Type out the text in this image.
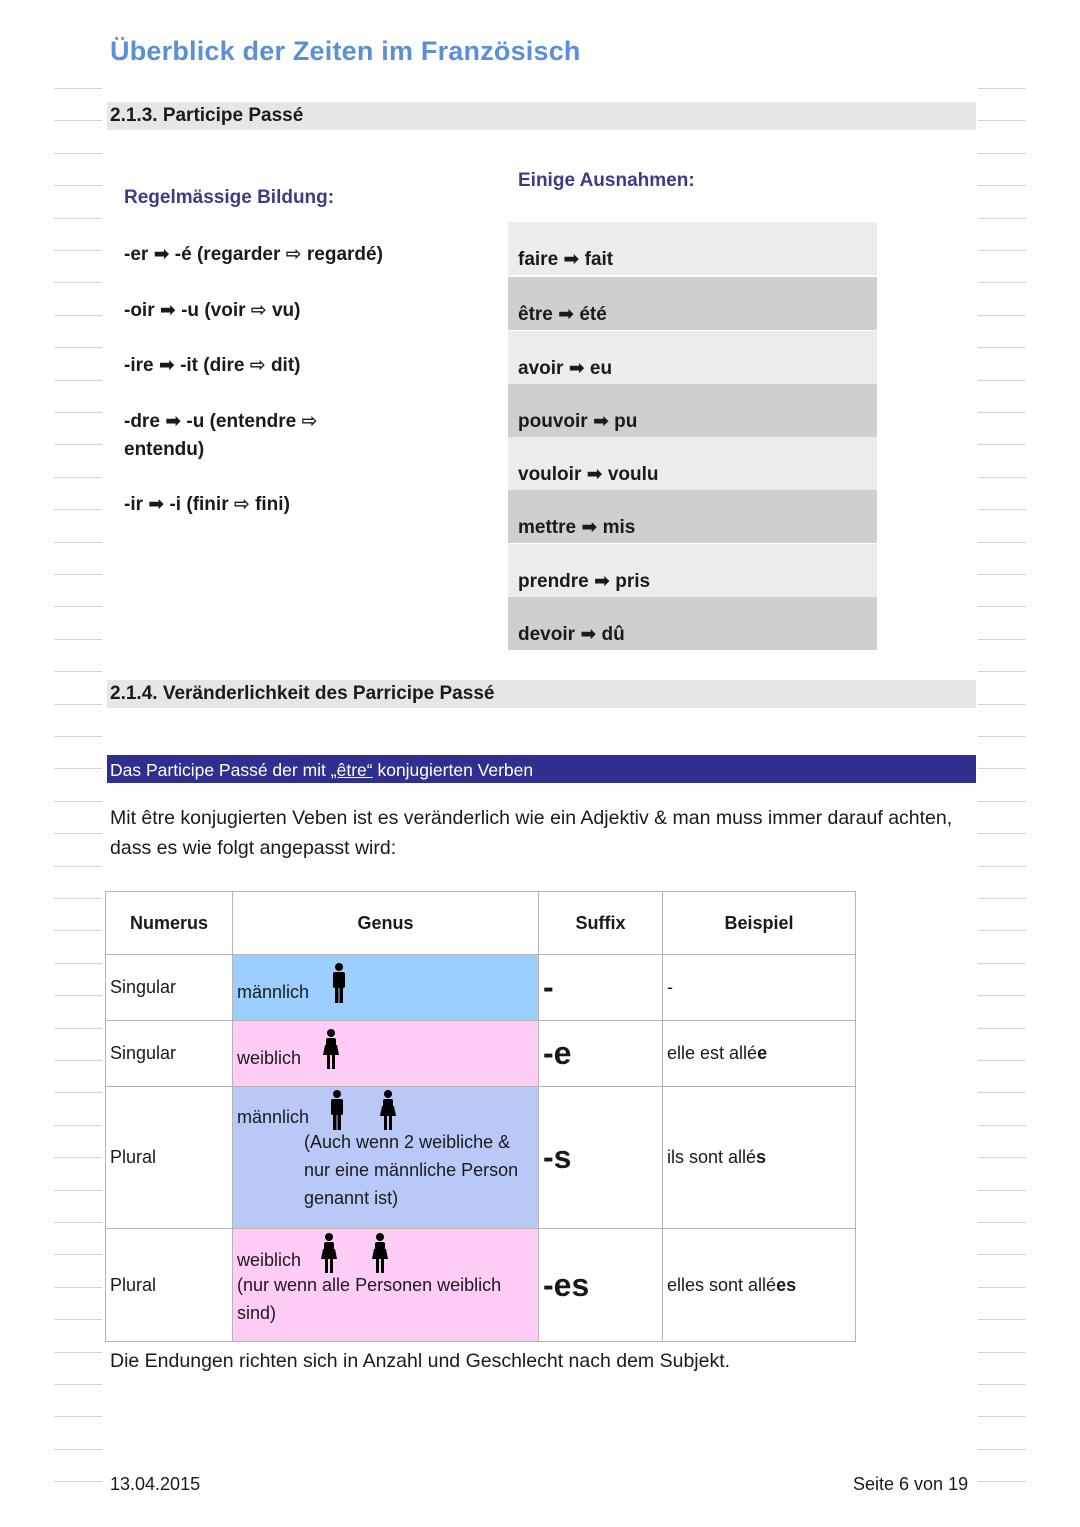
Überblick der Zeiten im Französisch
2.1.3. Participe Passé
Regelmässige Bildung:
Einige Ausnahmen:
-er ➡ -é (regarder ⇨ regardé)
-oir ➡ -u (voir ⇨ vu)
-ire ➡ -it (dire ⇨ dit)
-dre ➡ -u (entendre ⇨ entendu)
-ir ➡ -i (finir ⇨ fini)
faire ➡ fait
être ➡ été
avoir ➡ eu
pouvoir ➡ pu
vouloir ➡ voulu
mettre ➡ mis
prendre ➡ pris
devoir ➡ dû
2.1.4. Veränderlichkeit des Parricipe Passé
Das Participe Passé der mit „être“ konjugierten Verben
Mit être konjugierten Veben ist es veränderlich wie ein Adjektiv & man muss immer darauf achten, dass es wie folgt angepasst wird:
Numerus	Genus	Suffix	Beispiel
Singular	männlich	-	-
Singular	weiblich	-e	elle est allée
Plural	männlich
(Auch wenn 2 weibliche & nur eine männliche Person genannt ist)	-s	ils sont allés
Plural	weiblich
(nur wenn alle Personen weiblich sind)	-es	elles sont allées
Die Endungen richten sich in Anzahl und Geschlecht nach dem Subjekt.
13.04.2015	Seite 6 von 19
